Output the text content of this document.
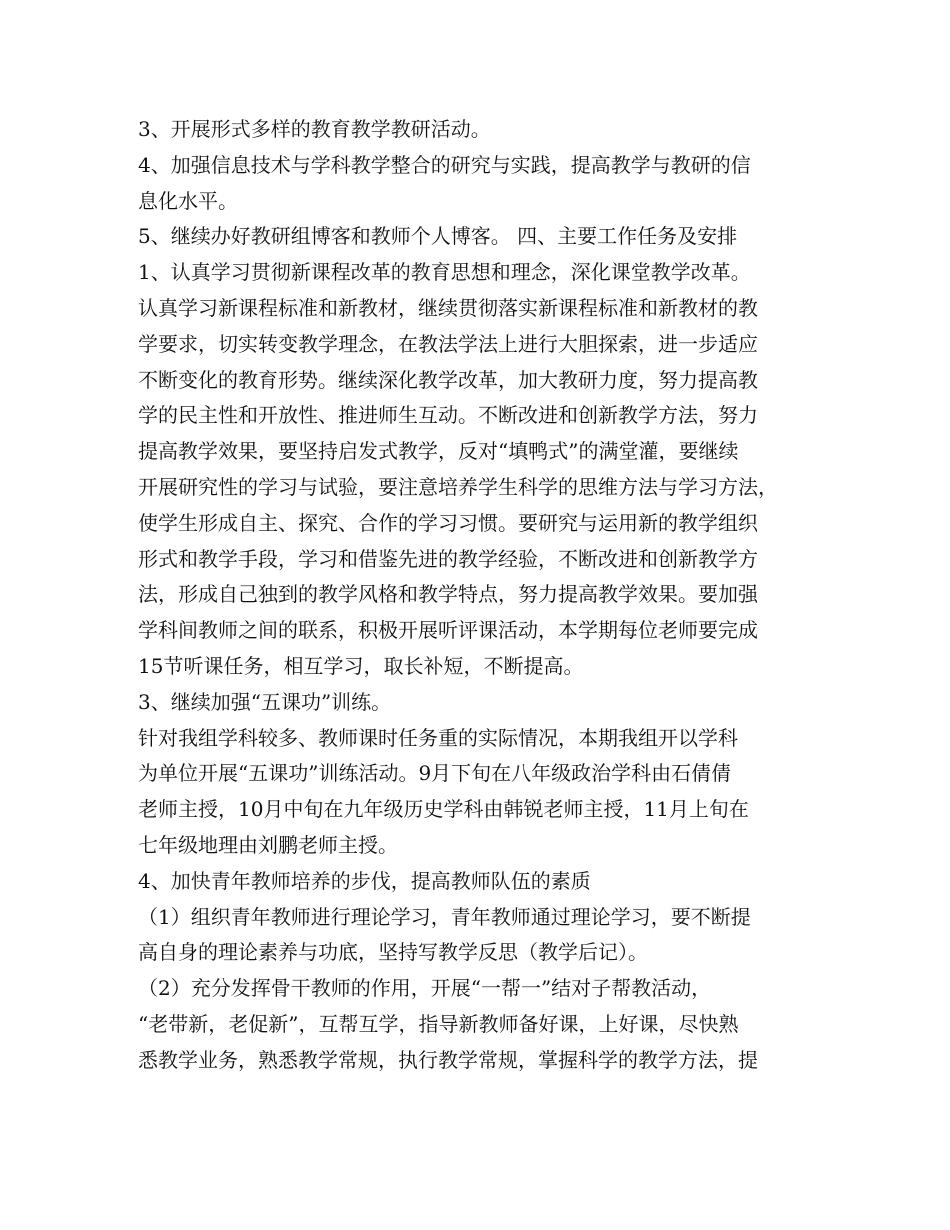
3、开展形式多样的教育教学教研活动。
4、加强信息技术与学科教学整合的研究与实践，提高教学与教研的信
息化水平。
5、继续办好教研组博客和教师个人博客。 四、主要工作任务及安排
1、认真学习贯彻新课程改革的教育思想和理念，深化课堂教学改革。
认真学习新课程标准和新教材，继续贯彻落实新课程标准和新教材的教
学要求，切实转变教学理念，在教法学法上进行大胆探索，进一步适应
不断变化的教育形势。继续深化教学改革，加大教研力度，努力提高教
学的民主性和开放性、推进师生互动。不断改进和创新教学方法，努力
提高教学效果，要坚持启发式教学，反对“填鸭式”的满堂灌，要继续
开展研究性的学习与试验，要注意培养学生科学的思维方法与学习方法，
使学生形成自主、探究、合作的学习习惯。要研究与运用新的教学组织
形式和教学手段，学习和借鉴先进的教学经验，不断改进和创新教学方
法，形成自己独到的教学风格和教学特点，努力提高教学效果。要加强
学科间教师之间的联系，积极开展听评课活动，本学期每位老师要完成
15节听课任务，相互学习，取长补短，不断提高。
3、继续加强“五课功”训练。
针对我组学科较多、教师课时任务重的实际情况，本期我组开以学科
为单位开展“五课功”训练活动。9月下旬在八年级政治学科由石倩倩
老师主授，10月中旬在九年级历史学科由韩锐老师主授，11月上旬在
七年级地理由刘鹏老师主授。
4、加快青年教师培养的步伐，提高教师队伍的素质
（1）组织青年教师进行理论学习，青年教师通过理论学习，要不断提
高自身的理论素养与功底，坚持写教学反思（教学后记）。
（2）充分发挥骨干教师的作用，开展“一帮一”结对子帮教活动，
“老带新，老促新”，互帮互学，指导新教师备好课，上好课，尽快熟
悉教学业务，熟悉教学常规，执行教学常规，掌握科学的教学方法，提
